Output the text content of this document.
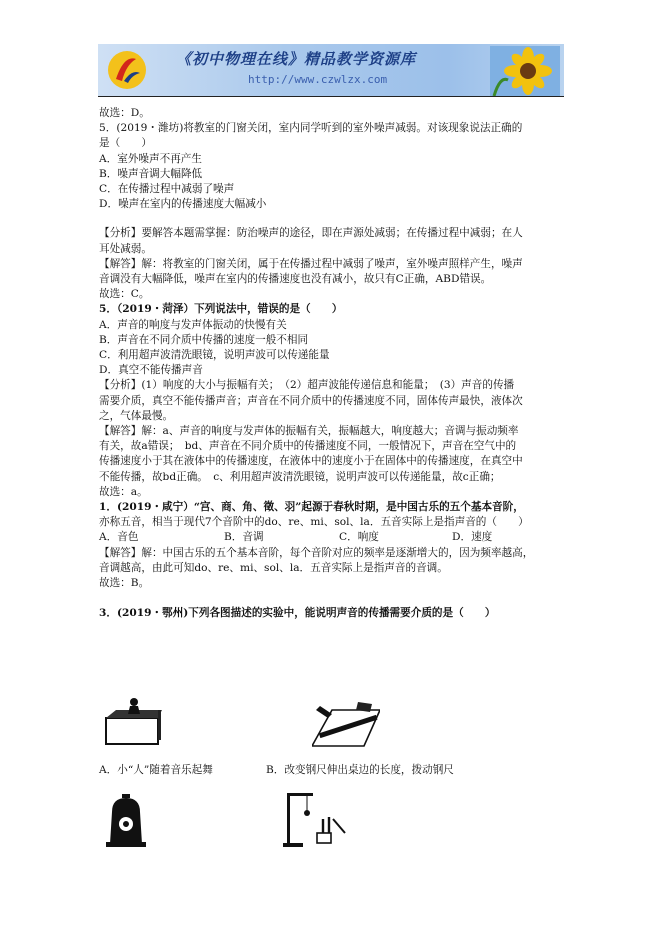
《初中物理在线》精品教学资源库
http://www.czwlzx.com

故选：D。

5．(2019・潍坊)将教室的门窗关闭，室内同学听到的室外噪声减弱。对该现象说法正确的

是（　　）

A．室外噪声不再产生

B．噪声音调大幅降低

C．在传播过程中减弱了噪声

D．噪声在室内的传播速度大幅减小

【分析】要解答本题需掌握：防治噪声的途径，即在声源处减弱；在传播过程中减弱；在人

耳处减弱。

【解答】解：将教室的门窗关闭，属于在传播过程中减弱了噪声，室外噪声照样产生，噪声

音调没有大幅降低，噪声在室内的传播速度也没有减小，故只有C正确，ABD错误。

故选：C。

5．（2019・菏泽）下列说法中，错误的是（　　）

A．声音的响度与发声体振动的快慢有关

B．声音在不同介质中传播的速度一般不相同

C．利用超声波清洗眼镜，说明声波可以传递能量

D．真空不能传播声音

【分析】(1）响度的大小与振幅有关；　（2）超声波能传递信息和能量；　(3）声音的传播

需要介质，真空不能传播声音；声音在不同介质中的传播速度不同，固体传声最快，液体次

之，气体最慢。

【解答】解：a、声音的响度与发声体的振幅有关，振幅越大，响度越大；音调与振动频率

有关，故a错误；　bd、声音在不同介质中的传播速度不同，一般情况下，声音在空气中的

传播速度小于其在液体中的传播速度，在液体中的速度小于在固体中的传播速度，在真空中

不能传播，故bd正确。　c、利用超声波清洗眼镜，说明声波可以传递能量，故c正确；

故选：a。

1．(2019・咸宁）“宫、商、角、徵、羽”起源于春秋时期，是中国古乐的五个基本音阶，

亦称五音，相当于现代7个音阶中的do、re、mi、sol、la．五音实际上是指声音的（　　）

A．音色	B．音调	C．响度	D．速度

【解答】解：中国古乐的五个基本音阶，每个音阶对应的频率是逐渐增大的，因为频率越高，

音调越高，由此可知do、re、mi、sol、la．五音实际上是指声音的音调。

故选：B。

3．(2019・鄂州)下列各图描述的实验中，能说明声音的传播需要介质的是（　　）

A．小“人”随着音乐起舞	B．改变钢尺伸出桌边的长度，拨动钢尺
